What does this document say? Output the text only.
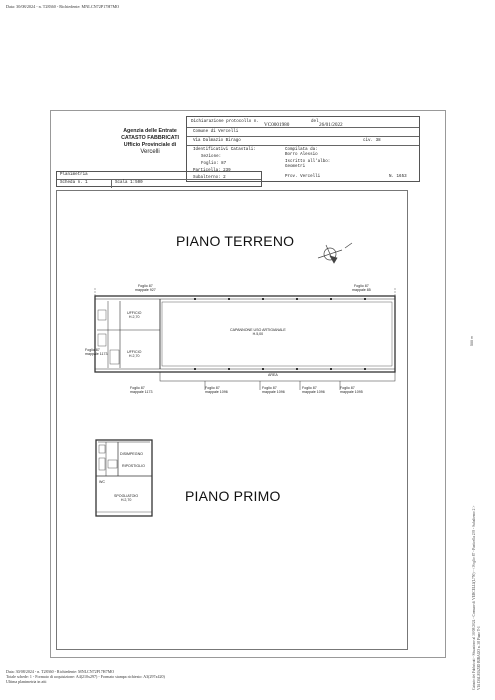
Data: 30/08/2024 - n. T28360 - Richiedente: MNLCN72P17H7MO
Agenzia delle Entrate
CATASTO FABBRICATI
Ufficio Provinciale di
Vercelli
Dichiarazione protocollo n. VC0001980	del 26/01/2022
Comune di Vercelli
Via Dalmazio Birago	civ. 38
Identificativi Catastali:
Sezione:
Foglio: 87
Particella: 239
Subalterno: 2
Compilata da:
Borro Alessio
Iscritto all'albo:
Geometri
Prov. Vercelli	N. 1653
Planimetria
Scheda n. 1	Scala 1:500
PIANO TERRENO
PIANO PRIMO
Foglio 87
mappale 927
Foglio 87
mappale 85
Foglio 87
mappale 1173
Foglio 87
mappale 1173
Foglio 87
mappale 1096
Foglio 87
mappale 1096
Foglio 87
mappale 1096
Foglio 87
mappale 1095
CAPANNONE USO ARTIGIANALE
H.5,00
UFFICIO
H.2,70
UFFICIO
H.2,70
AREA
DISIMPEGNO
RIPOSTIGLIO
WC
SPOGLIATOIO
H.2,70
500 m
Catasto dei Fabbricati - Situazione al 30/08/2024 - Comune di VERCELLI(L750) - < Foglio 87 - Particella 239 - Subalterno 2 > VIA DALMAZIO BIRAGO n. 38 Piano T-1
Data: 30/08/2024 - n. T28360 - Richiedente: MNLCN72P17H7MO
Totale schede: 1 - Formato di acquisizione: A4(210x297) - Formato stampa richiesto: A3(297x420)
Ultima planimetria in atti
